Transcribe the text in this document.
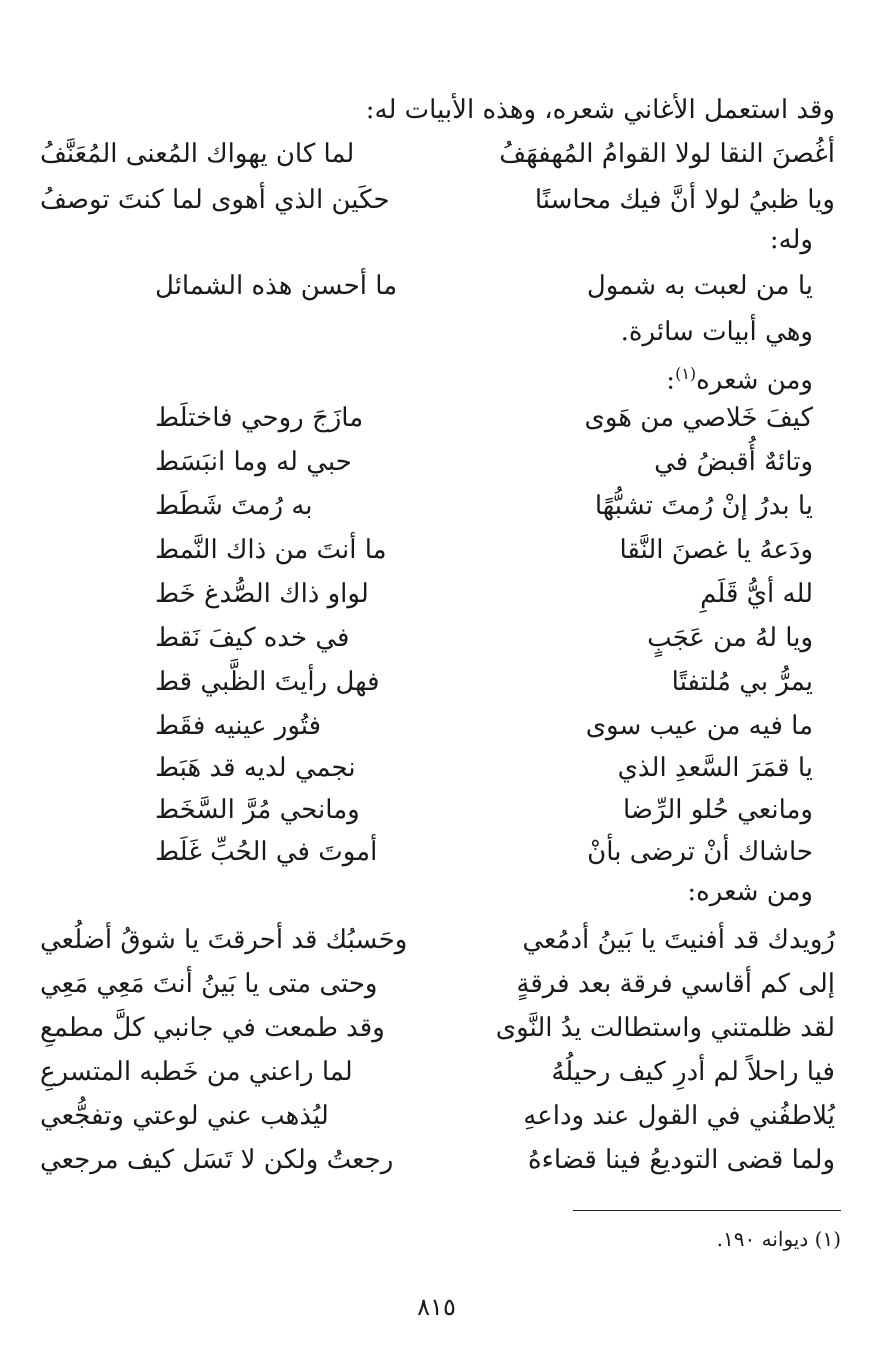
وقد استعمل الأغاني شعره، وهذه الأبيات له:
أغُصنَ النقا لولا القوامُ المُهفهَفُ
لما كان يهواك المُعنى المُعَنَّفُ
ويا ظبيُ لولا أنَّ فيك محاسنًا
حكَين الذي أهوى لما كنتَ توصفُ
وله:
يا من لعبت به شمول
ما أحسن هذه الشمائل
وهي أبيات سائرة.
ومن شعره$^{(١)}$:
كيفَ خَلاصي من هَوى
مازَجَ روحي فاختلَط
وتائهٌ أُقبضُ في
حبي له وما انبَسَط
يا بدرُ إنْ رُمتَ تشبُّهًا
به رُمتَ شَطَط
ودَعهُ يا غصنَ النَّقا
ما أنتَ من ذاك النَّمط
لله أيُّ قَلَمِ
لواو ذاك الصُّدغ خَط
ويا لهُ من عَجَبٍ
في خده كيفَ نَقط
يمرُّ بي مُلتفتًا
فهل رأيتَ الظَّبي قط
ما فيه من عيب سوى
فتُور عينيه فقَط
يا قمَرَ السَّعدِ الذي
نجمي لديه قد هَبَط
ومانعي حُلو الرِّضا
ومانحي مُرَّ السَّخَط
حاشاك أنْ ترضى بأنْ
أموتَ في الحُبِّ غَلَط
ومن شعره:
رُويدك قد أفنيتَ يا بَينُ أدمُعي
وحَسبُك قد أحرقتَ يا شوقُ أضلُعي
إلى كم أقاسي فرقة بعد فرقةٍ
وحتى متى يا بَينُ أنتَ مَعِي مَعِي
لقد ظلمتني واستطالت يدُ النَّوى
وقد طمعت في جانبي كلَّ مطمعِ
فيا راحلاً لم أدرِ كيف رحيلُهُ
لما راعني من خَطبه المتسرعِ
يُلاطفُني في القول عند وداعهِ
ليُذهب عني لوعتي وتفجُّعي
ولما قضى التوديعُ فينا قضاءهُ
رجعتُ ولكن لا تَسَل كيف مرجعي
(١) ديوانه ١٩٠.
٨١٥
